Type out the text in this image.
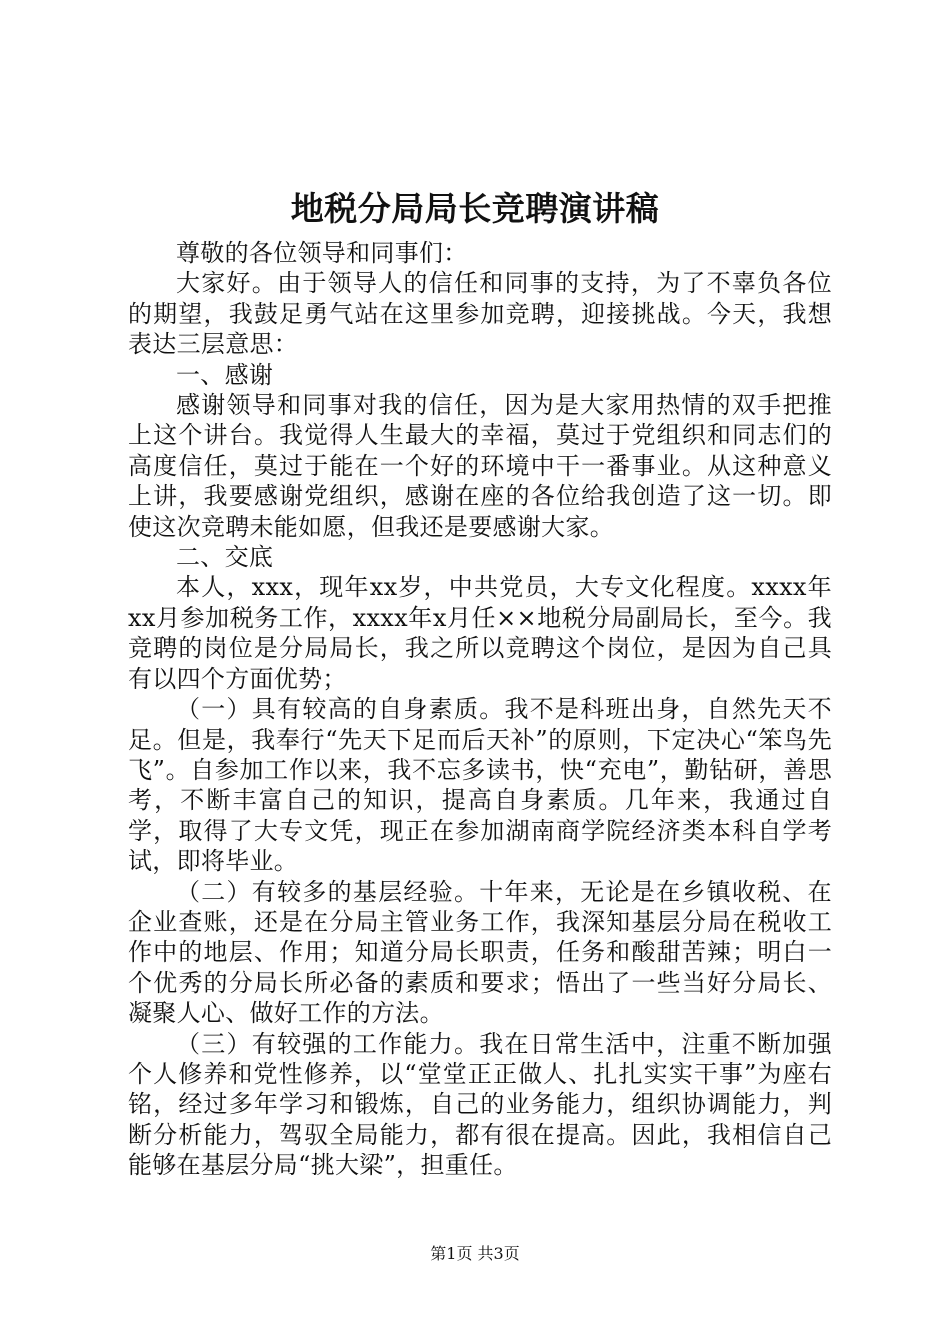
地税分局局长竞聘演讲稿

尊敬的各位领导和同事们：

大家好。由于领导人的信任和同事的支持，为了不辜负各位的期望，我鼓足勇气站在这里参加竞聘，迎接挑战。今天，我想表达三层意思：

一、感谢

感谢领导和同事对我的信任，因为是大家用热情的双手把推上这个讲台。我觉得人生最大的幸福，莫过于党组织和同志们的高度信任，莫过于能在一个好的环境中干一番事业。从这种意义上讲，我要感谢党组织，感谢在座的各位给我创造了这一切。即使这次竞聘未能如愿，但我还是要感谢大家。

二、交底

本人，xxx，现年xx岁，中共党员，大专文化程度。xxxx年xx月参加税务工作，xxxx年x月任××地税分局副局长，至今。我竞聘的岗位是分局局长，我之所以竞聘这个岗位，是因为自己具有以四个方面优势；

（一）具有较高的自身素质。我不是科班出身，自然先天不足。但是，我奉行“先天下足而后天补”的原则，下定决心“笨鸟先飞”。自参加工作以来，我不忘多读书，快“充电”，勤钻研，善思考，不断丰富自己的知识，提高自身素质。几年来，我通过自学，取得了大专文凭，现正在参加湖南商学院经济类本科自学考试，即将毕业。

（二）有较多的基层经验。十年来，无论是在乡镇收税、在企业查账，还是在分局主管业务工作，我深知基层分局在税收工作中的地层、作用；知道分局长职责，任务和酸甜苦辣；明白一个优秀的分局长所必备的素质和要求；悟出了一些当好分局长、凝聚人心、做好工作的方法。

（三）有较强的工作能力。我在日常生活中，注重不断加强个人修养和党性修养，以“堂堂正正做人、扎扎实实干事”为座右铭，经过多年学习和锻炼，自己的业务能力，组织协调能力，判断分析能力，驾驭全局能力，都有很在提高。因此，我相信自己能够在基层分局“挑大梁”，担重任。

第1页 共3页
